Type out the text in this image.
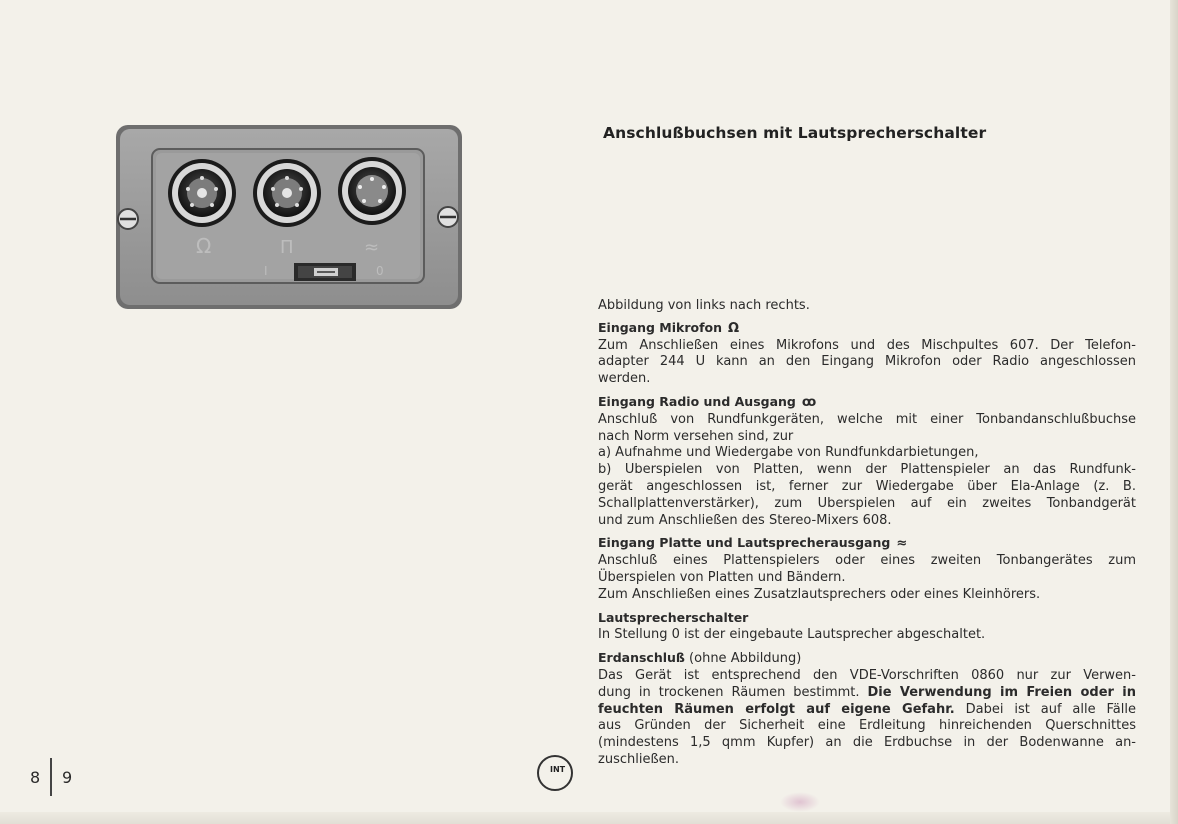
Ω	П	≈
I	0
Anschlußbuchsen mit Lautsprecherschalter
Abbildung von links nach rechts.
Eingang Mikrofon Ω
Zum Anschließen eines Mikrofons und des Mischpultes 607. Der Telefon-
adapter 244 U kann an den Eingang Mikrofon oder Radio angeschlossen
werden.
Eingang Radio und Ausgang ꝏ
Anschluß von Rundfunkgeräten, welche mit einer Tonbandanschlußbuchse
nach Norm versehen sind, zur
a) Aufnahme und Wiedergabe von Rundfunkdarbietungen,
b) Überspielen von Platten, wenn der Plattenspieler an das Rundfunk-
gerät angeschlossen ist, ferner zur Wiedergabe über Ela-Anlage (z. B.
Schallplattenverstärker), zum Überspielen auf ein zweites Tonbandgerät
und zum Anschließen des Stereo-Mixers 608.
Eingang Platte und Lautsprecherausgang ≈
Anschluß eines Plattenspielers oder eines zweiten Tonbangerätes zum
Überspielen von Platten und Bändern.
Zum Anschließen eines Zusatzlautsprechers oder eines Kleinhörers.
Lautsprecherschalter
In Stellung 0 ist der eingebaute Lautsprecher abgeschaltet.
Erdanschluß (ohne Abbildung)
Das Gerät ist entsprechend den VDE-Vorschriften 0860 nur zur Verwen-
dung in trockenen Räumen bestimmt. Die Verwendung im Freien oder in
feuchten Räumen erfolgt auf eigene Gefahr. Dabei ist auf alle Fälle
aus Gründen der Sicherheit eine Erdleitung hinreichenden Querschnittes
(mindestens 1,5 qmm Kupfer) an die Erdbuchse in der Bodenwanne an-
zuschließen.
8 9	INT
